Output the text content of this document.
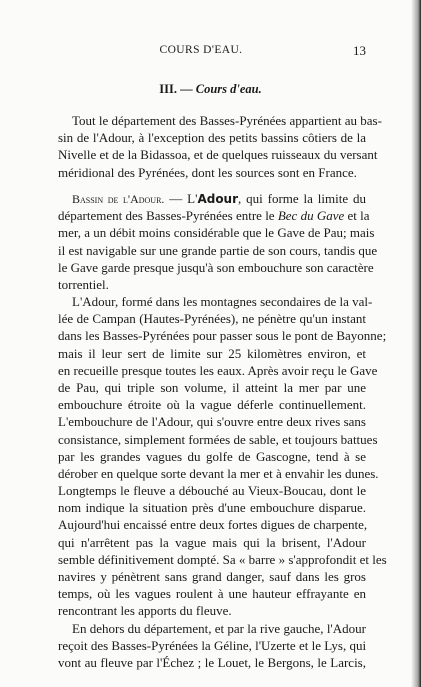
COURS D'EAU.	13
III. — Cours d'eau.
Tout le département des Basses-Pyrénées appartient au bas-
sin de l'Adour, à l'exception des petits bassins côtiers de la
Nivelle et de la Bidassoa, et de quelques ruisseaux du versant
méridional des Pyrénées, dont les sources sont en France.
Bassin de l'Adour. — L'Adour, qui forme la limite du
département des Basses-Pyrénées entre le Bec du Gave et la
mer, a un débit moins considérable que le Gave de Pau; mais
il est navigable sur une grande partie de son cours, tandis que
le Gave garde presque jusqu'à son embouchure son caractère
torrentiel.
L'Adour, formé dans les montagnes secondaires de la val-
lée de Campan (Hautes-Pyrénées), ne pénètre qu'un instant
dans les Basses-Pyrénées pour passer sous le pont de Bayonne;
mais il leur sert de limite sur 25 kilomètres environ, et
en recueille presque toutes les eaux. Après avoir reçu le Gave
de Pau, qui triple son volume, il atteint la mer par une
embouchure étroite où la vague déferle continuellement.
L'embouchure de l'Adour, qui s'ouvre entre deux rives sans
consistance, simplement formées de sable, et toujours battues
par les grandes vagues du golfe de Gascogne, tend à se
dérober en quelque sorte devant la mer et à envahir les dunes.
Longtemps le fleuve a débouché au Vieux-Boucau, dont le
nom indique la situation près d'une embouchure disparue.
Aujourd'hui encaissé entre deux fortes digues de charpente,
qui n'arrêtent pas la vague mais qui la brisent, l'Adour
semble définitivement dompté. Sa « barre » s'approfondit et les
navires y pénètrent sans grand danger, sauf dans les gros
temps, où les vagues roulent à une hauteur effrayante en
rencontrant les apports du fleuve.
En dehors du département, et par la rive gauche, l'Adour
reçoit des Basses-Pyrénées la Géline, l'Uzerte et le Lys, qui
vont au fleuve par l'Échez ; le Louet, le Bergons, le Larcis,
